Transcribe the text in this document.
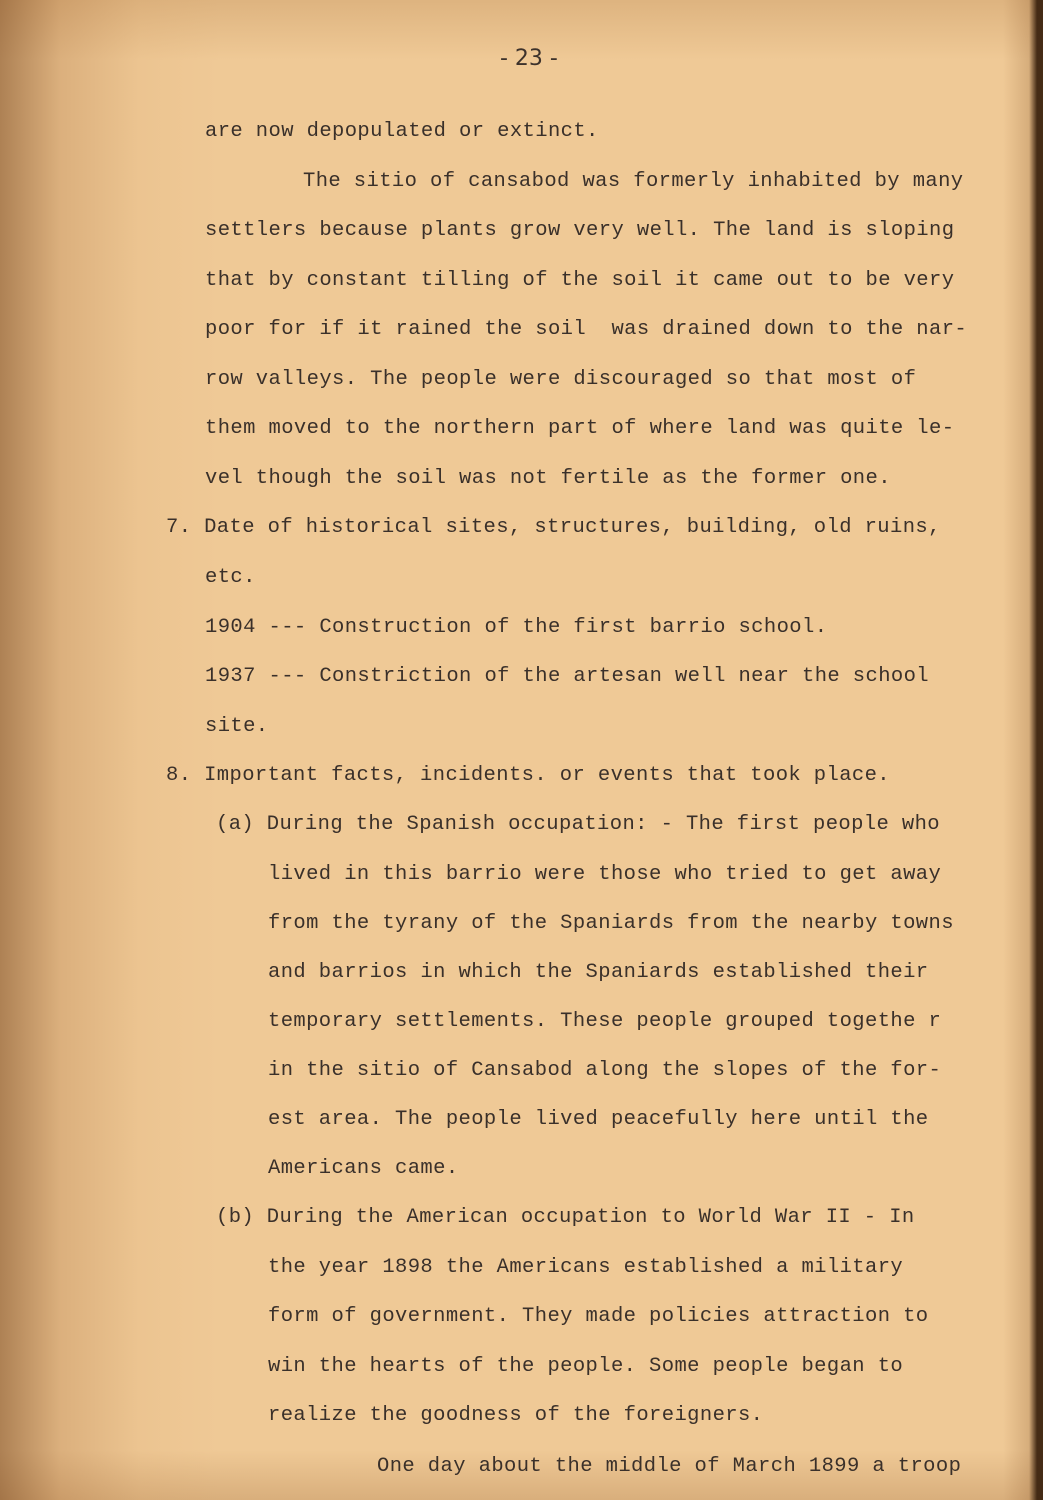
- 23 -
are now depopulated or extinct.
The sitio of cansabod was formerly inhabited by many
settlers because plants grow very well. The land is sloping
that by constant tilling of the soil it came out to be very
poor for if it rained the soil  was drained down to the nar-
row valleys. The people were discouraged so that most of
them moved to the northern part of where land was quite le-
vel though the soil was not fertile as the former one.
7. Date of historical sites, structures, building, old ruins,
etc.
1904 --- Construction of the first barrio school.
1937 --- Constriction of the artesan well near the school
site.
8. Important facts, incidents. or events that took place.
(a) During the Spanish occupation: - The first people who
lived in this barrio were those who tried to get away
from the tyrany of the Spaniards from the nearby towns
and barrios in which the Spaniards established their
temporary settlements. These people grouped togethe r
in the sitio of Cansabod along the slopes of the for-
est area. The people lived peacefully here until the
Americans came.
(b) During the American occupation to World War II - In
the year 1898 the Americans established a military
form of government. They made policies attraction to
win the hearts of the people. Some people began to
realize the goodness of the foreigners.
One day about the middle of March 1899 a troop
